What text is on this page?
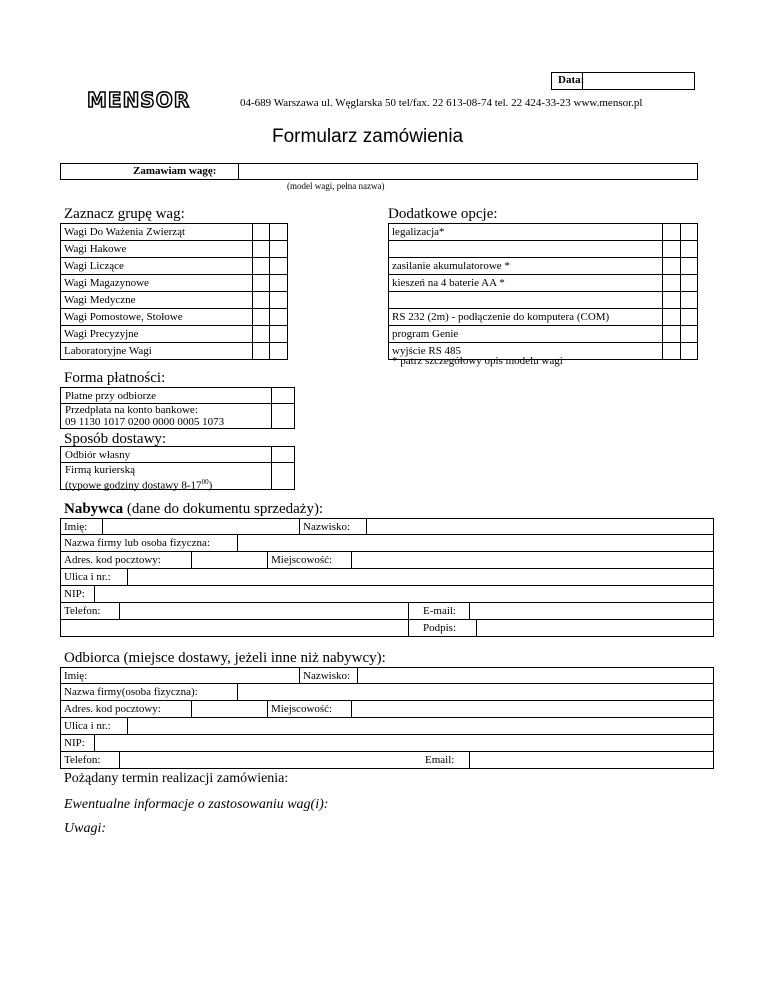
Data:
MENSOR	04-689 Warszawa ul. Węglarska 50 tel/fax. 22 613-08-74 tel. 22 424-33-23 www.mensor.pl
Formularz zamówienia
Zamawiam wagę:
(model wagi, pełna nazwa)
Zaznacz grupę wag:
Wagi Do Ważenia Zwierząt		
Wagi Hakowe		
Wagi Liczące		
Wagi Magazynowe		
Wagi Medyczne		
Wagi Pomostowe, Stołowe		
Wagi Precyzyjne		
Laboratoryjne Wagi		
Dodatkowe opcje:
legalizacja*		

zasilanie akumulatorowe *		
kieszeń na 4 baterie AA *		

RS 232 (2m) - podłączenie do komputera (COM)		
program Genie		
wyjście RS 485		
* patrz szczegółowy opis modelu wagi
Forma płatności:
Płatne przy odbiorze
Przedpłata na konto bankowe:
09 1130 1017 0200 0000 0005 1073
Sposób dostawy:
Odbiór własny
Firmą kurierską
(typowe godziny dostawy $8-17^{00}$)
Nabywca (dane do dokumentu sprzedaży):
Imię:	Nazwisko:
Nazwa firmy lub osoba fizyczna:
Adres. kod pocztowy:	Miejscowość:
Ulica i nr.:
NIP:
Telefon:	E-mail:
Podpis:
Odbiorca (miejsce dostawy, jeżeli inne niż nabywcy):
Imię:	Nazwisko:
Nazwa firmy(osoba fizyczna):
Adres. kod pocztowy:	Miejscowość:
Ulica i nr.:
NIP:
Telefon:	Email:
Pożądany termin realizacji zamówienia:
Ewentualne informacje o zastosowaniu wag(i):
Uwagi:
